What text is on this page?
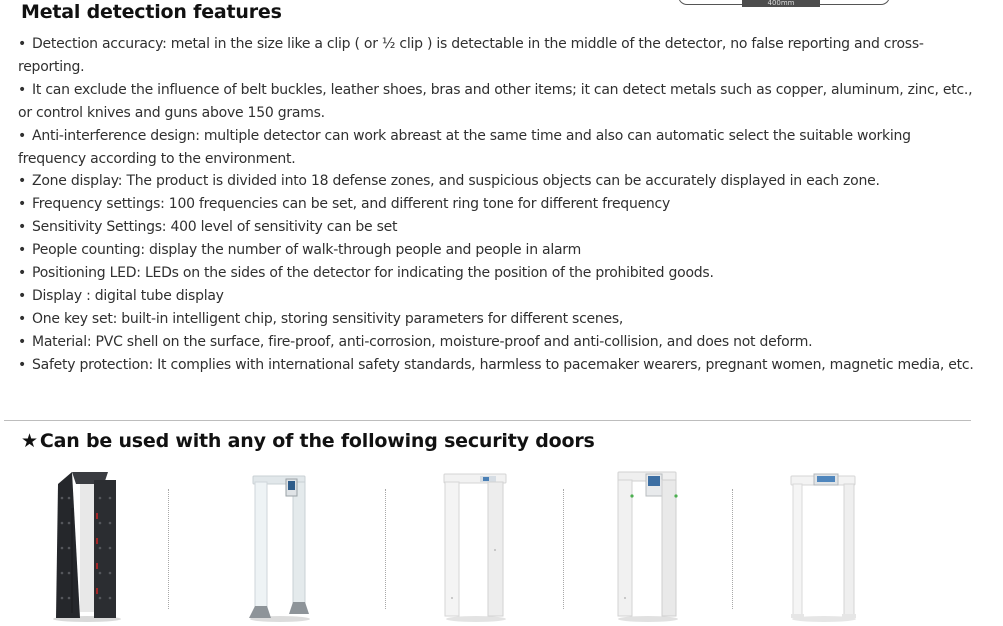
400mm
Metal detection features
• Detection accuracy: metal in the size like a clip ( or ½ clip ) is detectable in the middle of the detector, no false reporting and cross-reporting.
• It can exclude the influence of belt buckles, leather shoes, bras and other items; it can detect metals such as copper, aluminum, zinc, etc., or control knives and guns above 150 grams.
• Anti-interference design: multiple detector can work abreast at the same time and also can automatic select the suitable working frequency according to the environment.
• Zone display: The product is divided into 18 defense zones, and suspicious objects can be accurately displayed in each zone.
• Frequency settings: 100 frequencies can be set, and different ring tone for different frequency
• Sensitivity Settings: 400 level of sensitivity can be set
• People counting: display the number of walk-through people and people in alarm
• Positioning LED: LEDs on the sides of the detector for indicating the position of the prohibited goods.
• Display : digital tube display
• One key set: built-in intelligent chip, storing sensitivity parameters for different scenes,
• Material: PVC shell on the surface, fire-proof, anti-corrosion, moisture-proof and anti-collision, and does not deform.
• Safety protection: It complies with international safety standards, harmless to pacemaker wearers, pregnant women, magnetic media, etc.
★ Can be used with any of the following security doors
